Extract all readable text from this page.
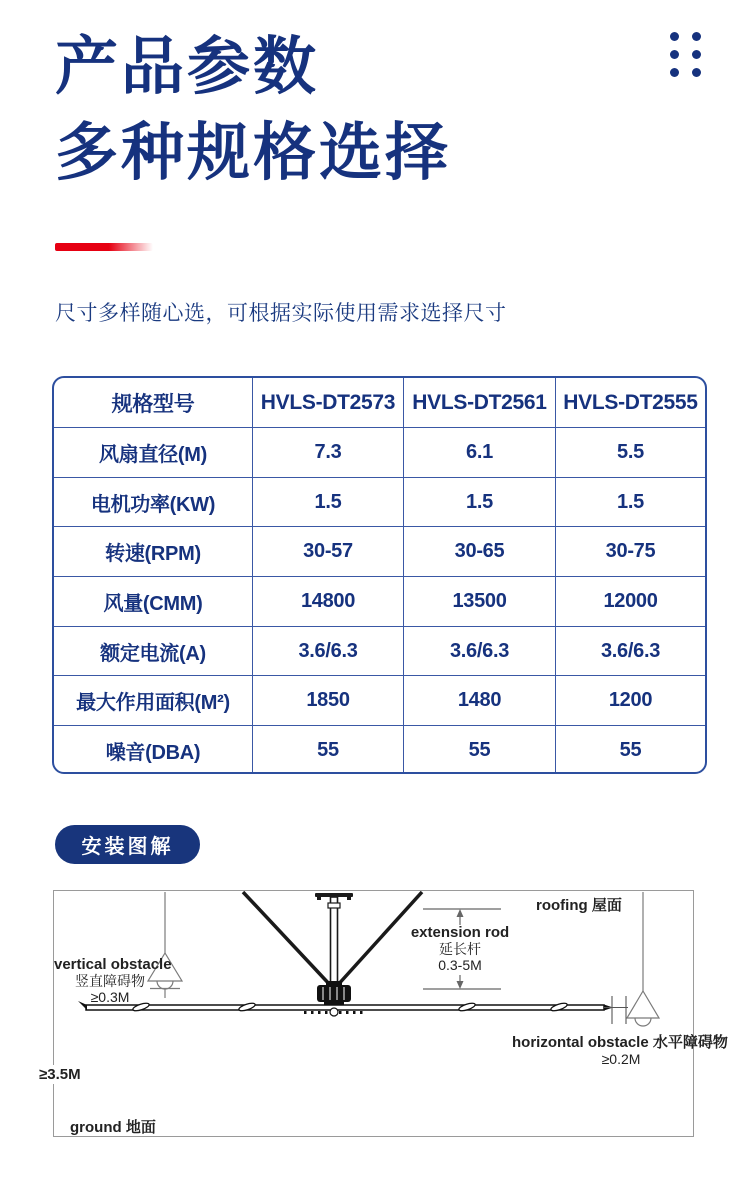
产品参数
多种规格选择
尺寸多样随心选，可根据实际使用需求选择尺寸
规格型号	HVLS-DT2573 HVLS-DT2561 HVLS-DT2555
风扇直径(M)	7.3	6.1	5.5
电机功率(KW)	1.5	1.5	1.5
转速(RPM)	30-57	30-65	30-75
风量(CMM)	14800	13500	12000
额定电流(A)	3.6/6.3	3.6/6.3	3.6/6.3
最大作用面积(M²)	1850	1480	1200
噪音(DBA)	55	55	55
安装图解
roofing 屋面
extension rod
延长杆
0.3-5M
vertical obstacle
竖直障碍物
≥0.3M
horizontal obstacle 水平障碍物
≥0.2M
≥3.5M
ground 地面
